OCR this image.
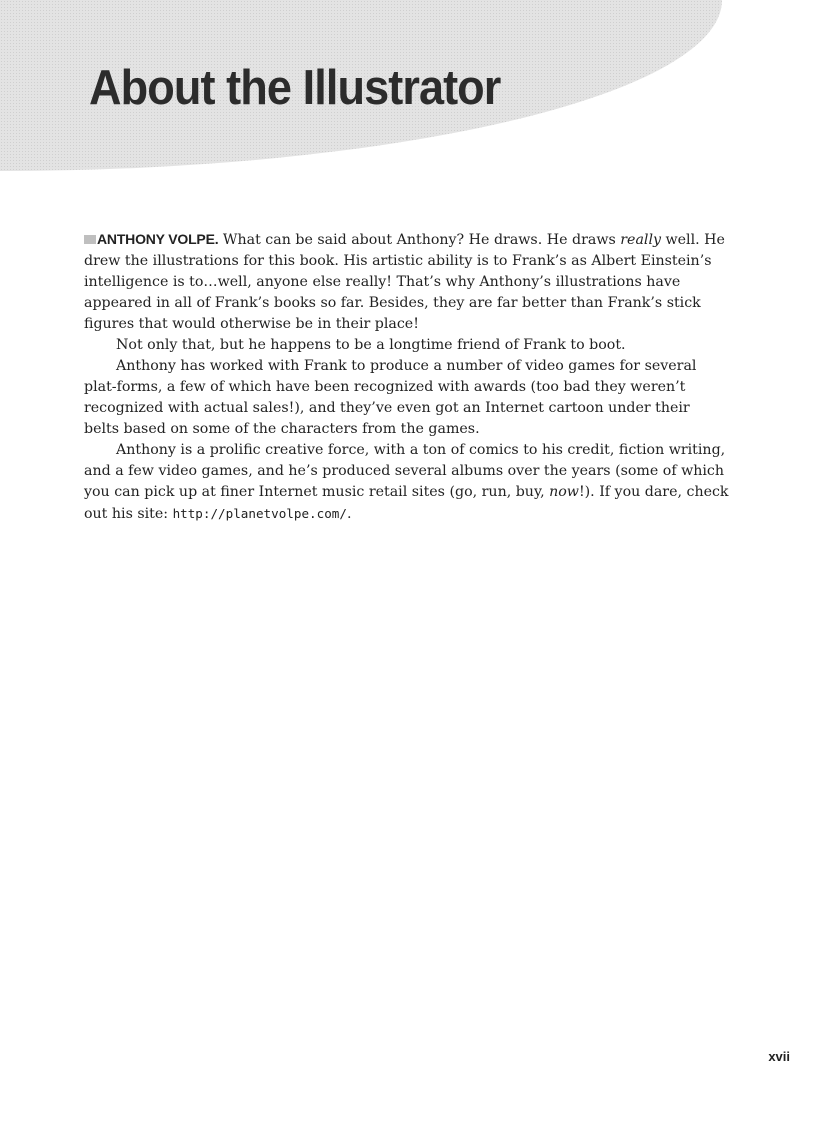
About the Illustrator

ANTHONY VOLPE. What can be said about Anthony? He draws. He draws really well. He drew the illustrations for this book. His artistic ability is to Frank’s as Albert Einstein’s intelligence is to…well, anyone else really! That’s why Anthony’s illustrations have appeared in all of Frank’s books so far. Besides, they are far better than Frank’s stick figures that would otherwise be in their place!

Not only that, but he happens to be a longtime friend of Frank to boot.

Anthony has worked with Frank to produce a number of video games for several plat-forms, a few of which have been recognized with awards (too bad they weren’t recognized with actual sales!), and they’ve even got an Internet cartoon under their belts based on some of the characters from the games.

Anthony is a prolific creative force, with a ton of comics to his credit, fiction writing, and a few video games, and he’s produced several albums over the years (some of which you can pick up at finer Internet music retail sites (go, run, buy, now!). If you dare, check out his site: http://planetvolpe.com/.

xvii
